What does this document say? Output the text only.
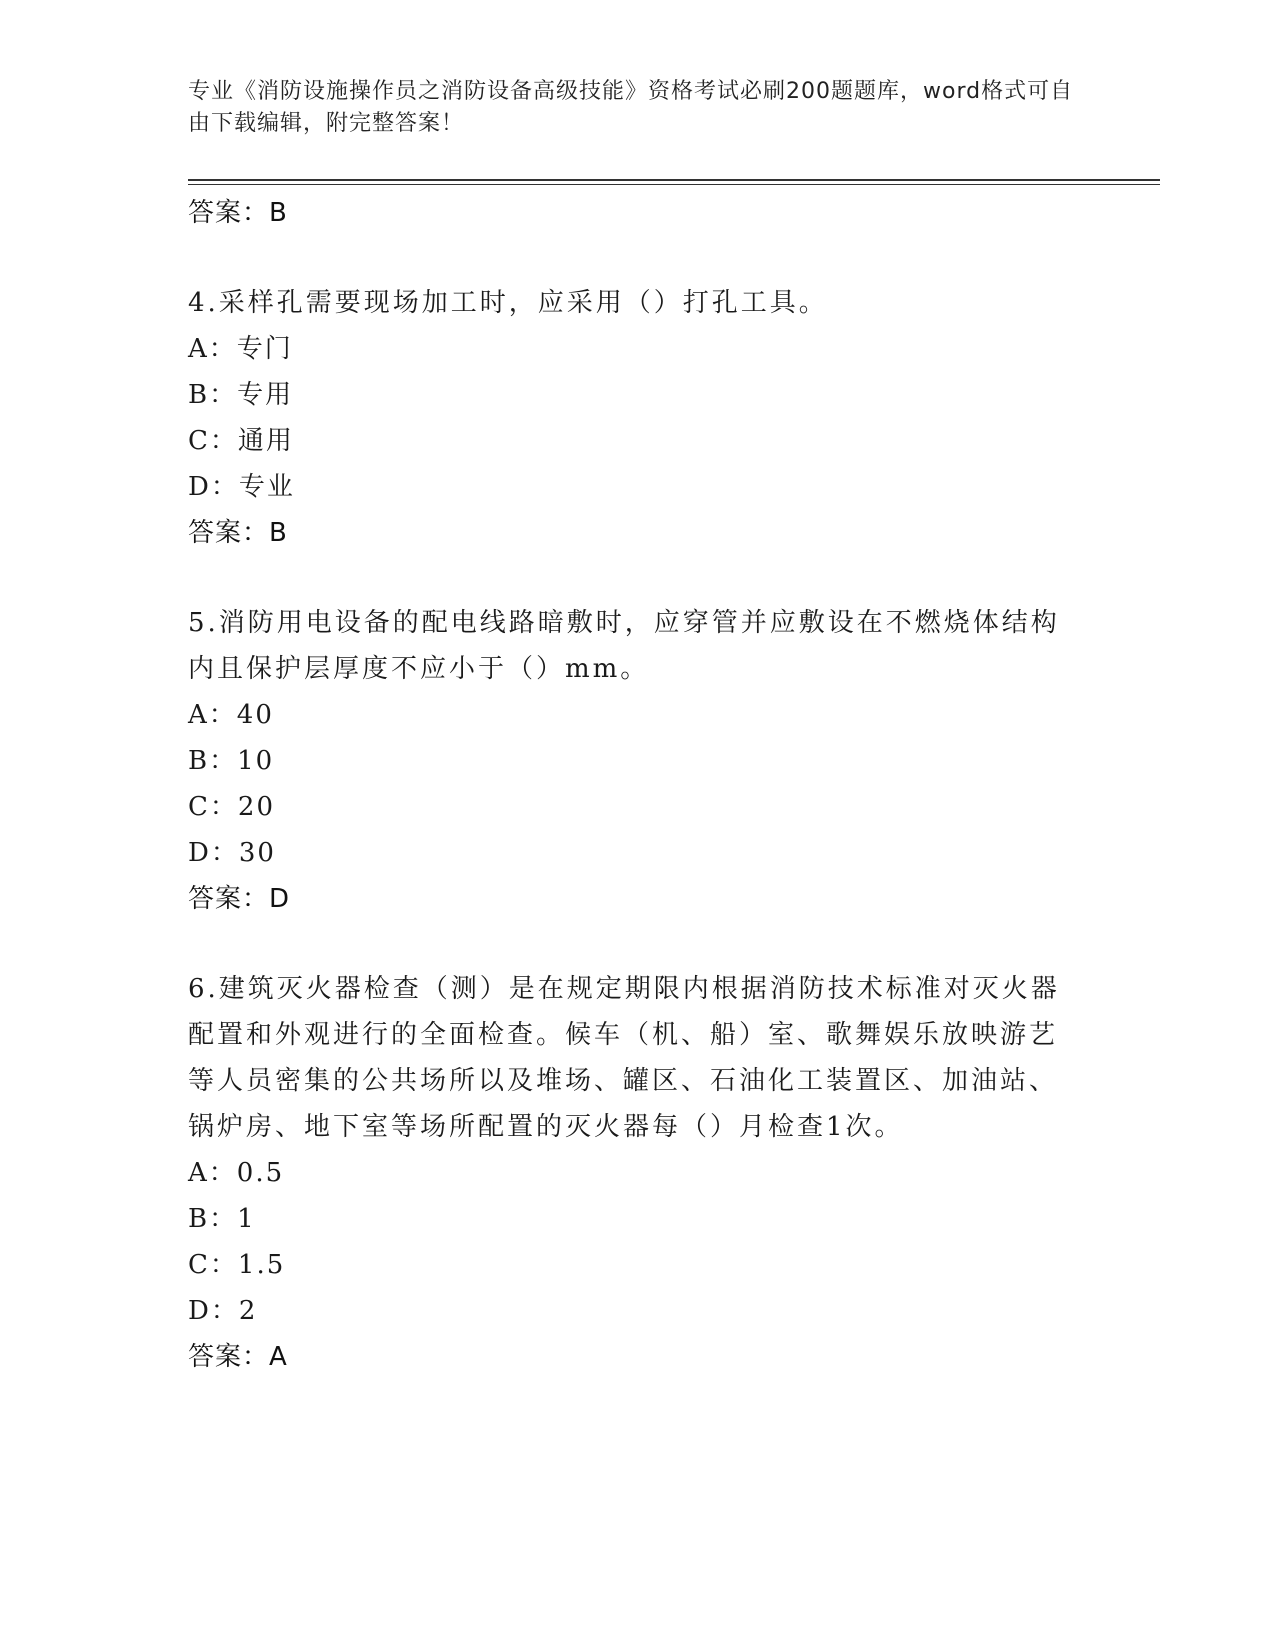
专业《消防设施操作员之消防设备高级技能》资格考试必刷200题题库，word格式可自由下载编辑，附完整答案！
答案：B
4.采样孔需要现场加工时，应采用（）打孔工具。
A：专门
B：专用
C：通用
D：专业
答案：B
5.消防用电设备的配电线路暗敷时，应穿管并应敷设在不燃烧体结构内且保护层厚度不应小于（）mm。
A：40
B：10
C：20
D：30
答案：D
6.建筑灭火器检查（测）是在规定期限内根据消防技术标准对灭火器配置和外观进行的全面检查。候车（机、船）室、歌舞娱乐放映游艺等人员密集的公共场所以及堆场、罐区、石油化工装置区、加油站、锅炉房、地下室等场所配置的灭火器每（）月检查1次。
A：0.5
B：1
C：1.5
D：2
答案：A
